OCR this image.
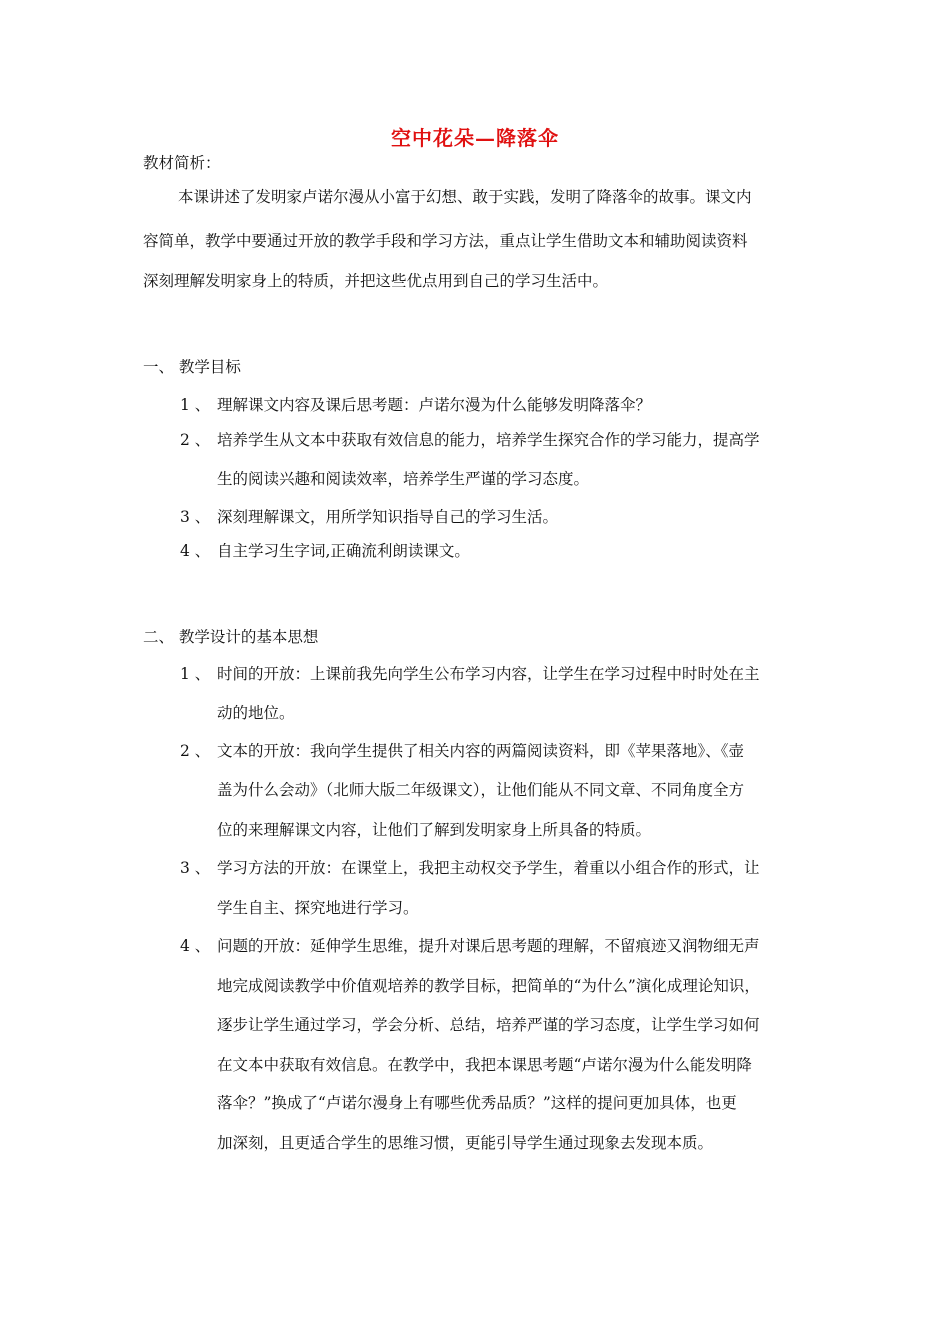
空中花朵—降落伞
教材简析：
本课讲述了发明家卢诺尔漫从小富于幻想、敢于实践，发明了降落伞的故事。课文内
容简单，教学中要通过开放的教学手段和学习方法，重点让学生借助文本和辅助阅读资料
深刻理解发明家身上的特质，并把这些优点用到自己的学习生活中。
一、 教学目标
1 、 理解课文内容及课后思考题：卢诺尔漫为什么能够发明降落伞？
2 、 培养学生从文本中获取有效信息的能力，培养学生探究合作的学习能力，提高学
生的阅读兴趣和阅读效率，培养学生严谨的学习态度。
3 、 深刻理解课文，用所学知识指导自己的学习生活。
4 、 自主学习生字词,正确流利朗读课文。
二、 教学设计的基本思想
1 、 时间的开放：上课前我先向学生公布学习内容，让学生在学习过程中时时处在主
动的地位。
2 、 文本的开放：我向学生提供了相关内容的两篇阅读资料，即《苹果落地》、《壶
盖为什么会动》（北师大版二年级课文），让他们能从不同文章、不同角度全方
位的来理解课文内容，让他们了解到发明家身上所具备的特质。
3 、 学习方法的开放：在课堂上，我把主动权交予学生，着重以小组合作的形式，让
学生自主、探究地进行学习。
4 、 问题的开放：延伸学生思维，提升对课后思考题的理解，不留痕迹又润物细无声
地完成阅读教学中价值观培养的教学目标，把简单的“为什么”演化成理论知识，
逐步让学生通过学习，学会分析、总结，培养严谨的学习态度，让学生学习如何
在文本中获取有效信息。在教学中，我把本课思考题“卢诺尔漫为什么能发明降
落伞？”换成了“卢诺尔漫身上有哪些优秀品质？”这样的提问更加具体，也更
加深刻，且更适合学生的思维习惯，更能引导学生通过现象去发现本质。
